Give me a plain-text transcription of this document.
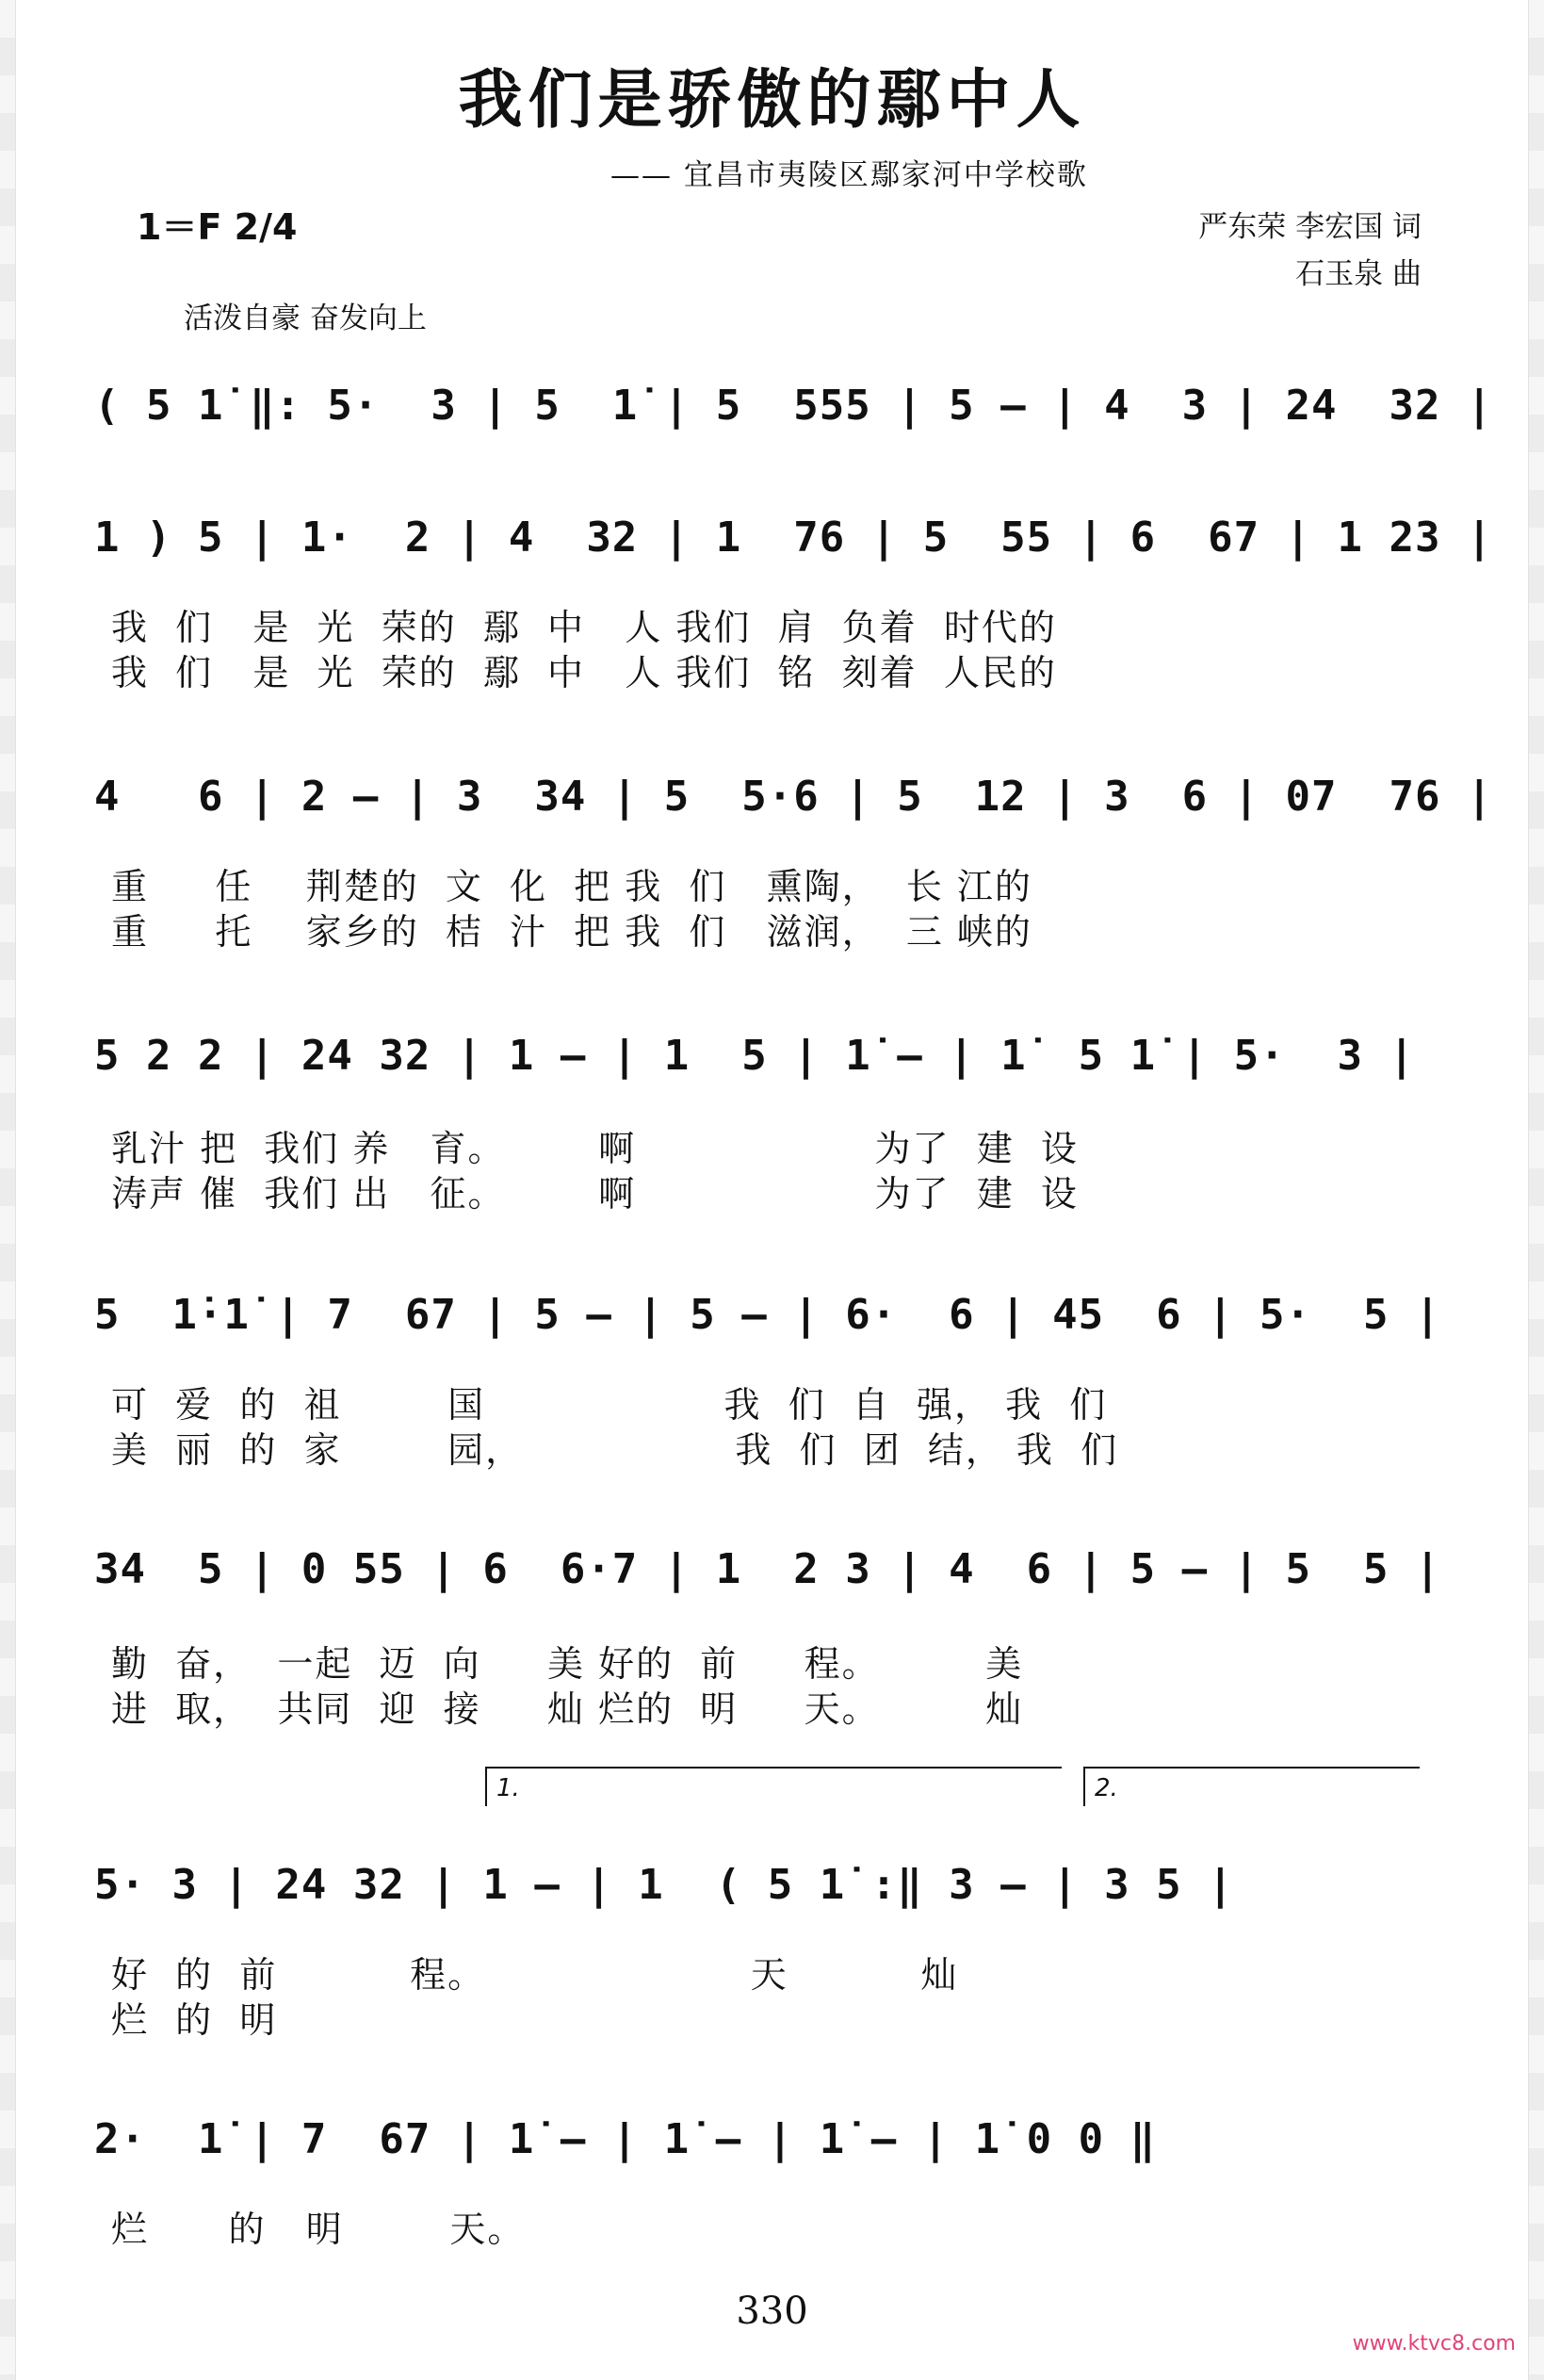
我们是骄傲的鄢中人
—— 宜昌市夷陵区鄢家河中学校歌
1＝F 2/4	严东荣 李宏国 词
石玉泉 曲
活泼自豪 奋发向上
( 5 1̇ ‖: 5·  3 | 5  1̇ | 5  555 | 5 – | 4  3 | 24  32 |
1 ) 5 | 1·  2 | 4  32 | 1  76 | 5  55 | 6  67 | 1 23 |
我  们   是  光  荣的  鄢  中   人 我们  肩  负着  时代的
我  们   是  光  荣的  鄢  中   人 我们  铭  刻着  人民的
4   6 | 2 – | 3  34 | 5  5·6 | 5  12 | 3  6 | 07  76 |
重     任    荆楚的  文  化  把 我  们   熏陶，  长 江的
重     托    家乡的  桔  汁  把 我  们   滋润，  三 峡的
5 2 2 | 24 32 | 1 – | 1  5 | 1̇ – | 1̇  5 1̇ | 5·  3 |
乳汁 把  我们 养   育。       啊                  为了  建  设
涛声 催  我们 出   征。       啊                  为了  建  设
5  1̇·1̇ | 7  67 | 5 – | 5 – | 6·  6 | 45  6 | 5·  5 |
可  爱  的  祖        国                  我  们  自  强， 我  们
美  丽  的  家        园，                我  们  团  结， 我  们
34  5 | 0 55 | 6  6·7 | 1  2 3 | 4  6 | 5 – | 5  5 |
勤  奋，  一起  迈  向     美 好的  前     程。        美
进  取，  共同  迎  接     灿 烂的  明     天。        灿
1.	2.
5· 3 | 24 32 | 1 – | 1  ( 5 1̇ :‖ 3 – | 3 5 |
好  的  前          程。                    天          灿
烂  的  明
2·  1̇ | 7  67 | 1̇ – | 1̇ – | 1̇ – | 1̇ 0 0 ‖
烂      的   明        天。
330
www.ktvc8.com
